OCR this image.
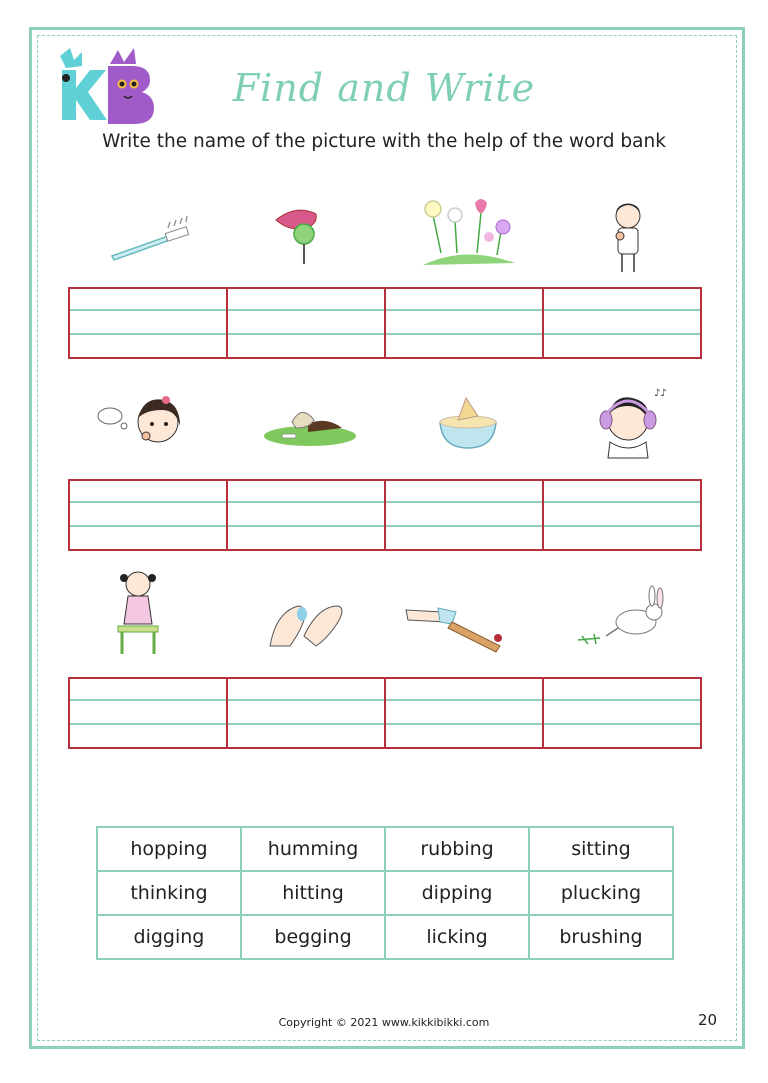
Find and Write
Write the name of the picture with the help of the word bank
♪♪
hopping	humming	rubbing	sitting
thinking	hitting	dipping	plucking
digging	begging	licking	brushing
Copyright © 2021 www.kikkibikki.com	20
